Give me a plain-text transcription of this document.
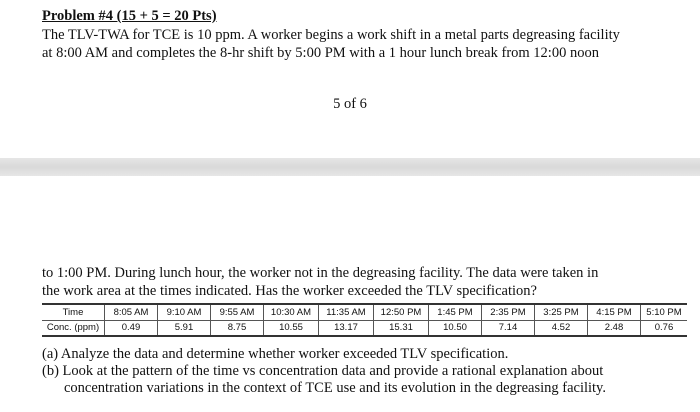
Problem #4 (15 + 5 = 20 Pts)
The TLV-TWA for TCE is 10 ppm. A worker begins a work shift in a metal parts degreasing facility
at 8:00 AM and completes the 8-hr shift by 5:00 PM with a 1 hour lunch break from 12:00 noon
5 of 6
to 1:00 PM. During lunch hour, the worker not in the degreasing facility. The data were taken in
the work area at the times indicated. Has the worker exceeded the TLV specification?
Time	8:05 AM	9:10 AM	9:55 AM	10:30 AM	11:35 AM	12:50 PM	1:45 PM	2:35 PM	3:25 PM	4:15 PM	5:10 PM
Conc. (ppm)	0.49	5.91	8.75	10.55	13.17	15.31	10.50	7.14	4.52	2.48	0.76
(a) Analyze the data and determine whether worker exceeded TLV specification.
(b) Look at the pattern of the time vs concentration data and provide a rational explanation about
concentration variations in the context of TCE use and its evolution in the degreasing facility.
